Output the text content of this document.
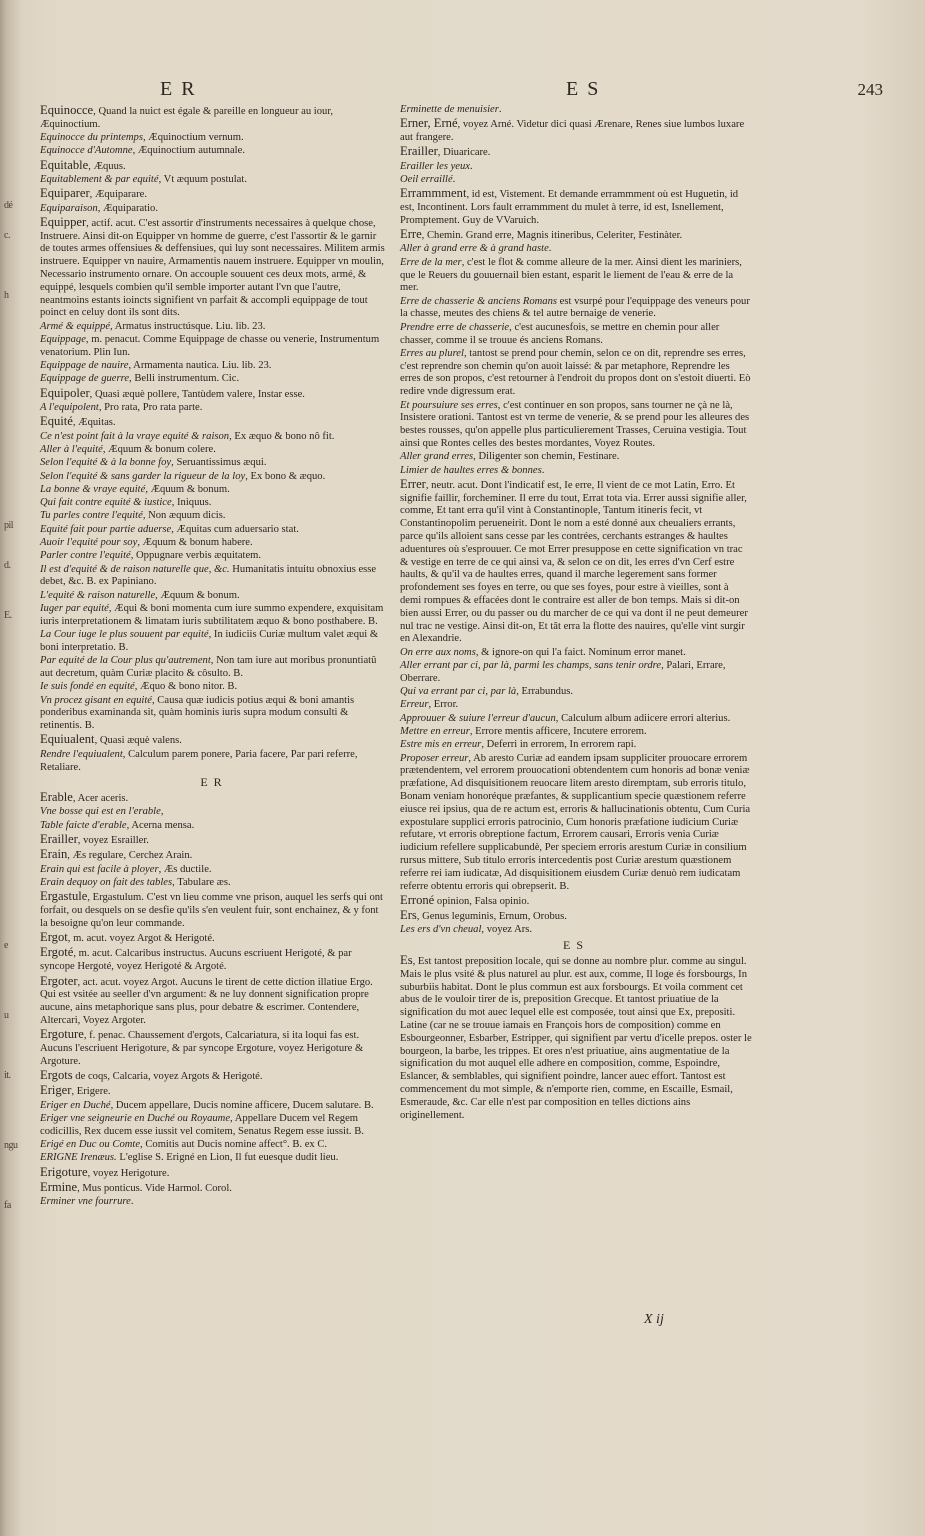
dé
c.
h
pil
d.
E.
e
u
it.
ngu
fa
ER	ES	243
Equinocce, Quand la nuict est égale & pareille en longueur au iour, Æquinoctium.
Equinocce du printemps, Æquinoctium vernum.
Equinocce d'Automne, Æquinoctium autumnale.
Equitable, Æquus.
Equitablement & par equité, Vt æquum postulat.
Equiparer, Æquiparare.
Equiparaison, Æquiparatio.
Equipper, actif. acut. C'est assortir d'instruments necessaires à quelque chose, Instruere. Ainsi dit-on Equipper vn homme de guerre, c'est l'assortir & le garnir de toutes armes offensiues & deffensiues, qui luy sont necessaires. Militem armis instruere. Equipper vn nauire, Armamentis nauem instruere. Equipper vn moulin, Necessario instrumento ornare. On accouple souuent ces deux mots, armé, & equippé, lesquels combien qu'il semble importer autant l'vn que l'autre, neantmoins estants ioincts signifient vn parfait & accompli equippage de tout poinct en celuy dont ils sont dits.
Armé & equippé, Armatus instructúsque. Liu. lib. 23.
Equippage, m. penacut. Comme Equippage de chasse ou venerie, Instrumentum venatorium. Plin Iun.
Equippage de nauire, Armamenta nautica. Liu. lib. 23.
Equippage de guerre, Belli instrumentum. Cic.
Equipoler, Quasi æquè pollere, Tantùdem valere, Instar esse.
A l'equipolent, Pro rata, Pro rata parte.
Equité, Æquitas.
Ce n'est point fait à la vraye equité & raison, Ex æquo & bono nô fit.
Aller à l'equité, Æquum & bonum colere.
Selon l'equité & à la bonne foy, Seruantissimus æqui.
Selon l'equité & sans garder la rigueur de la loy, Ex bono & æquo.
La bonne & vraye equité, Æquum & bonum.
Qui fait contre equité & iustice, Iniquus.
Tu parles contre l'equité, Non æquum dicis.
Equité fait pour partie aduerse, Æquitas cum aduersario stat.
Auoir l'equité pour soy, Æquum & bonum habere.
Parler contre l'equité, Oppugnare verbis æquitatem.
Il est d'equité & de raison naturelle que, &c. Humanitatis intuitu obnoxius esse debet, &c. B. ex Papiniano.
L'equité & raison naturelle, Æquum & bonum.
Iuger par equité, Æqui & boni momenta cum iure summo expendere, exquisitam iuris interpretationem & limatam iuris subtilitatem æquo & bono posthabere. B.
La Cour iuge le plus souuent par equité, In iudiciis Curiæ multum valet æqui & boni interpretatio. B.
Par equité de la Cour plus qu'autrement, Non tam iure aut moribus pronuntiatû aut decretum, quàm Curiæ placito & côsulto. B.
Ie suis fondé en equité, Æquo & bono nitor. B.
Vn procez gisant en equité, Causa quæ iudicis potius æqui & boni amantis ponderibus examinanda sit, quàm hominis iuris supra modum consulti & retinentis. B.
Equiualent, Quasi æquè valens.
Rendre l'equiualent, Calculum parem ponere, Paria facere, Par pari referre, Retaliare.
ER
Erable, Acer aceris.
Vne bosse qui est en l'erable,
Table faicte d'erable, Acerna mensa.
Erailler, voyez Esrailler.
Erain, Æs regulare, Cerchez Arain.
Erain qui est facile à ployer, Æs ductile.
Erain dequoy on fait des tables, Tabulare æs.
Ergastule, Ergastulum. C'est vn lieu comme vne prison, auquel les serfs qui ont forfait, ou desquels on se desfie qu'ils s'en veulent fuir, sont enchainez, & y font la besoigne qu'on leur commande.
Ergot, m. acut. voyez Argot & Herigoté.
Ergoté, m. acut. Calcaribus instructus. Aucuns escriuent Herigoté, & par syncope Hergoté, voyez Herigoté & Argoté.
Ergoter, act. acut. voyez Argot. Aucuns le tirent de cette diction illatiue Ergo. Qui est vsitée au seeller d'vn argument: & ne luy donnent signification propre aucune, ains metaphorique sans plus, pour debatre & escrimer. Contendere, Altercari, Voyez Argoter.
Ergoture, f. penac. Chaussement d'ergots, Calcariatura, si ita loqui fas est. Aucuns l'escriuent Herigoture, & par syncope Ergoture, voyez Herigoture & Argoture.
Ergots de coqs, Calcaria, voyez Argots & Herigoté.
Eriger, Erigere.
Eriger en Duché, Ducem appellare, Ducis nomine afficere, Ducem salutare. B.
Eriger vne seigneurie en Duché ou Royaume, Appellare Ducem vel Regem codicillis, Rex ducem esse iussit vel comitem, Senatus Regem esse iussit. B.
Erigé en Duc ou Comte, Comitis aut Ducis nomine affect°. B. ex C.
ERIGNE Irenæus. L'eglise S. Erigné en Lion, Il fut euesque dudit lieu.
Erigoture, voyez Herigoture.
Ermine, Mus ponticus. Vide Harmol. Corol.
Erminer vne fourrure.
Erminette de menuisier.
Erner, Erné, voyez Arné. Videtur dici quasi Ærenare, Renes siue lumbos luxare aut frangere.
Erailler, Diuaricare.
Erailler les yeux.
Oeil erraillé.
Errammment, id est, Vistement. Et demande errammment où est Huguetin, id est, Incontinent. Lors fault errammment du mulet à terre, id est, Isnellement, Promptement. Guy de VVaruich.
Erre, Chemin. Grand erre, Magnis itineribus, Celeriter, Festinàter.
Aller à grand erre & à grand haste.
Erre de la mer, c'est le flot & comme alleure de la mer. Ainsi dient les mariniers, que le Reuers du gouuernail bien estant, esparit le liement de l'eau & erre de la mer.
Erre de chasserie & anciens Romans est vsurpé pour l'equippage des veneurs pour la chasse, meutes des chiens & tel autre bernaige de venerie.
Prendre erre de chasserie, c'est aucunesfois, se mettre en chemin pour aller chasser, comme il se trouue és anciens Romans.
Erres au plurel, tantost se prend pour chemin, selon ce on dit, reprendre ses erres, c'est reprendre son chemin qu'on auoit laissé: & par metaphore, Reprendre les erres de son propos, c'est retourner à l'endroit du propos dont on s'estoit diuerti. Eò redire vnde digressum erat.
Et poursuiure ses erres, c'est continuer en son propos, sans tourner ne çà ne là, Insistere orationi. Tantost est vn terme de venerie, & se prend pour les alleures des bestes rousses, qu'on appelle plus particulierement Trasses, Ceruina vestigia. Tout ainsi que Rontes celles des bestes mordantes, Voyez Routes.
Aller grand erres, Diligenter son chemin, Festinare.
Limier de haultes erres & bonnes.
Errer, neutr. acut. Dont l'indicatif est, Ie erre, Il vient de ce mot Latin, Erro. Et signifie faillir, forcheminer. Il erre du tout, Errat tota via. Errer aussi signifie aller, comme, Et tant erra qu'il vint à Constantinople, Tantum itineris fecit, vt Constantinopolim perueneirit. Dont le nom a esté donné aux cheualiers errants, parce qu'ils alloient sans cesse par les contrées, cerchants estranges & haultes aduentures où s'esprouuer. Ce mot Errer presuppose en cette signification vn trac & vestige en terre de ce qui ainsi va, & selon ce on dit, les erres d'vn Cerf estre haults, & qu'il va de haultes erres, quand il marche legerement sans former profondement ses foyes en terre, ou que ses foyes, pour estre à vieilles, sont à demi rompues & effacées dont le contraire est aller de bon temps. Mais si dit-on bien aussi Errer, ou du passer ou du marcher de ce qui va dont il ne peut demeurer nul trac ne vestige. Ainsi dit-on, Et tât erra la flotte des nauires, qu'elle vint surgir en Alexandrie.
On erre aux noms, & ignore-on qui l'a faict. Nominum error manet.
Aller errant par ci, par là, parmi les champs, sans tenir ordre, Palari, Errare, Oberrare.
Qui va errant par ci, par là, Errabundus.
Erreur, Error.
Approuuer & suiure l'erreur d'aucun, Calculum album adiicere errori alterius.
Mettre en erreur, Errore mentis afficere, Incutere errorem.
Estre mis en erreur, Deferri in errorem, In errorem rapi.
Proposer erreur, Ab aresto Curiæ ad eandem ipsam suppliciter prouocare errorem prætendentem, vel errorem prouocationi obtendentem cum honoris ad bonæ veniæ præfatione, Ad disquisitionem reuocare litem aresto diremptam, sub erroris titulo, Bonam veniam honoréque præfantes, & supplicantium specie quæstionem referre eiusce rei ipsius, qua de re actum est, erroris & hallucinationis obtentu, Cum Curia expostulare supplici erroris patrocinio, Cum honoris præfatione iudicium Curiæ refutare, vt erroris obreptione factum, Errorem causari, Erroris venia Curiæ iudicium refellere supplicabundè, Per speciem erroris arestum Curiæ in consilium rursus mittere, Sub titulo erroris intercedentis post Curiæ arestum quæstionem referre rei iam iudicatæ, Ad disquisitionem eiusdem Curiæ denuò rem iudicatam referre obtentu erroris qui obrepserit. B.
Erroné opinion, Falsa opinio.
Ers, Genus leguminis, Ernum, Orobus.
Les ers d'vn cheual, voyez Ars.
ES
Es, Est tantost preposition locale, qui se donne au nombre plur. comme au singul. Mais le plus vsité & plus naturel au plur. est aux, comme, Il loge és forsbourgs, In suburbiis habitat. Dont le plus commun est aux forsbourgs. Et voila comment cet abus de le vouloir tirer de is, preposition Grecque. Et tantost priuatiue de la signification du mot auec lequel elle est composée, tout ainsi que Ex, prepositi. Latine (car ne se trouue iamais en François hors de composition) comme en Esbourgeonner, Esbarber, Estripper, qui signifient par vertu d'icelle prepos. oster le bourgeon, la barbe, les trippes. Et ores n'est priuatiue, ains augmentatiue de la signification du mot auquel elle adhere en composition, comme, Espoindre, Eslancer, & semblables, qui signifient poindre, lancer auec effort. Tantost est commencement du mot simple, & n'emporte rien, comme, en Escaille, Esmail, Esmeraude, &c. Car elle n'est par composition en telles dictions ains originellement.
X ij
